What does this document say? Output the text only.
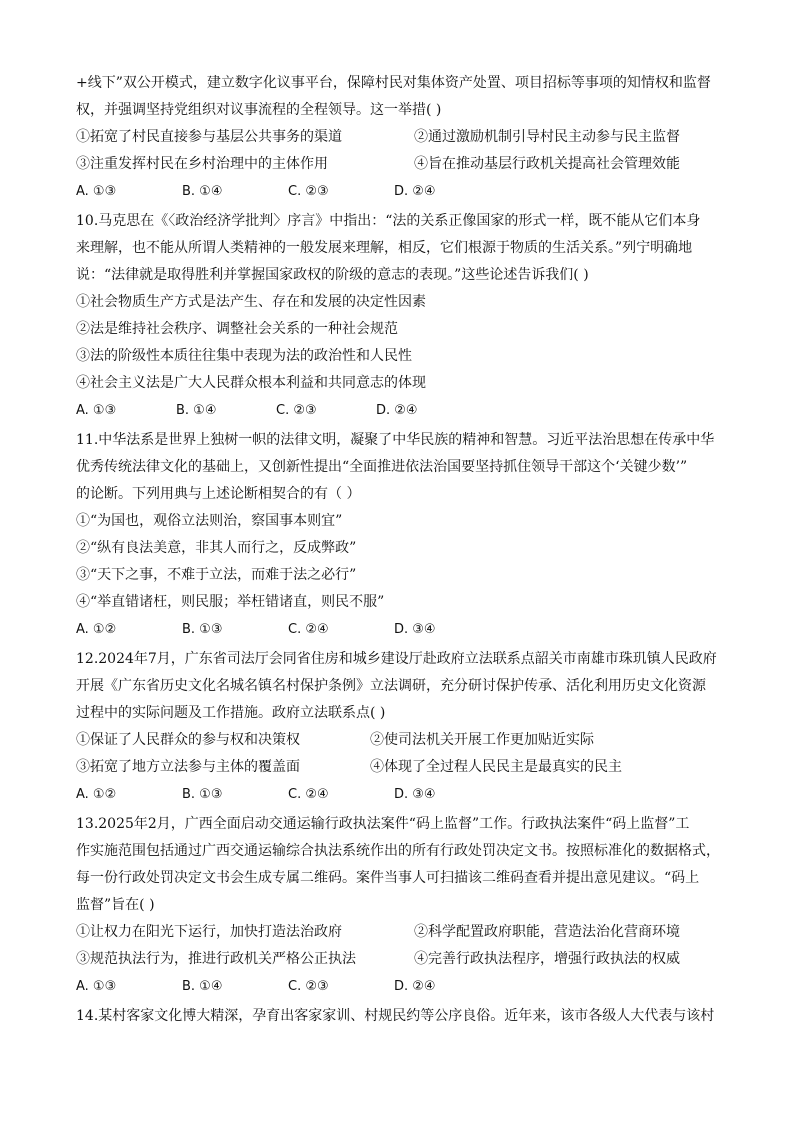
+线下”双公开模式，建立数字化议事平台，保障村民对集体资产处置、项目招标等事项的知情权和监督
权，并强调坚持党组织对议事流程的全程领导。这一举措( )
①拓宽了村民直接参与基层公共事务的渠道	②通过激励机制引导村民主动参与民主监督
③注重发挥村民在乡村治理中的主体作用	④旨在推动基层行政机关提高社会管理效能
A. ①③	B. ①④	C. ②③	D. ②④
10.马克思在《〈政治经济学批判〉序言》中指出：“法的关系正像国家的形式一样，既不能从它们本身
来理解，也不能从所谓人类精神的一般发展来理解，相反，它们根源于物质的生活关系。”列宁明确地
说：“法律就是取得胜利并掌握国家政权的阶级的意志的表现。”这些论述告诉我们( )
①社会物质生产方式是法产生、存在和发展的决定性因素
②法是维持社会秩序、调整社会关系的一种社会规范
③法的阶级性本质往往集中表现为法的政治性和人民性
④社会主义法是广大人民群众根本利益和共同意志的体现
A. ①③	B. ①④	C. ②③	D. ②④
11.中华法系是世界上独树一帜的法律文明，凝聚了中华民族的精神和智慧。习近平法治思想在传承中华
优秀传统法律文化的基础上，又创新性提出“全面推进依法治国要坚持抓住领导干部这个‘关键少数’”
的论断。下列用典与上述论断相契合的有（ ）
①“为国也，观俗立法则治，察国事本则宜”
②“纵有良法美意，非其人而行之，反成弊政”
③“天下之事，不难于立法，而难于法之必行”
④“举直错诸枉，则民服；举枉错诸直，则民不服”
A. ①②	B. ①③	C. ②④	D. ③④
12.2024年7月，广东省司法厅会同省住房和城乡建设厅赴政府立法联系点韶关市南雄市珠玑镇人民政府
开展《广东省历史文化名城名镇名村保护条例》立法调研，充分研讨保护传承、活化利用历史文化资源
过程中的实际问题及工作措施。政府立法联系点( )
①保证了人民群众的参与权和决策权	②使司法机关开展工作更加贴近实际
③拓宽了地方立法参与主体的覆盖面	④体现了全过程人民民主是最真实的民主
A. ①②	B. ①③	C. ②④	D. ③④
13.2025年2月，广西全面启动交通运输行政执法案件“码上监督”工作。行政执法案件“码上监督”工
作实施范围包括通过广西交通运输综合执法系统作出的所有行政处罚决定文书。按照标准化的数据格式，
每一份行政处罚决定文书会生成专属二维码。案件当事人可扫描该二维码查看并提出意见建议。“码上
监督”旨在( )
①让权力在阳光下运行，加快打造法治政府	②科学配置政府职能，营造法治化营商环境
③规范执法行为，推进行政机关严格公正执法	④完善行政执法程序，增强行政执法的权威
A. ①③	B. ①④	C. ②③	D. ②④
14.某村客家文化博大精深，孕育出客家家训、村规民约等公序良俗。近年来，该市各级人大代表与该村
